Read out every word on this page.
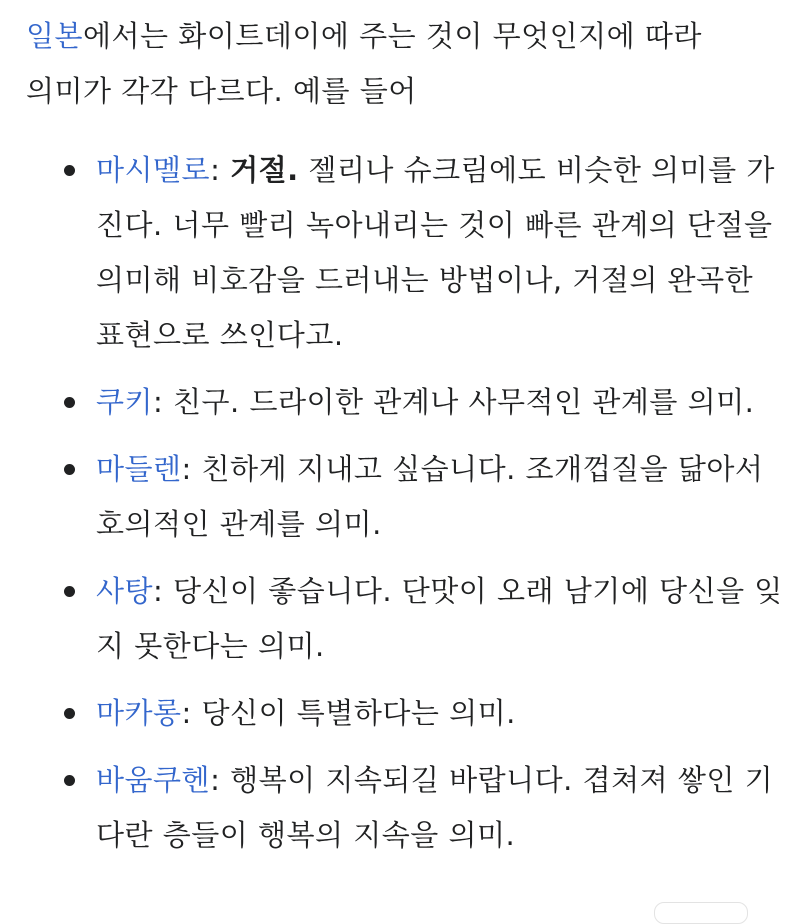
일본에서는 화이트데이에 주는 것이 무엇인지에 따라
의미가 각각 다르다. 예를 들어

마시멜로: 거절. 젤리나 슈크림에도 비슷한 의미를 가진다. 너무 빨리 녹아내리는 것이 빠른 관계의 단절을 의미해 비호감을 드러내는 방법이나, 거절의 완곡한 표현으로 쓰인다고.
쿠키: 친구. 드라이한 관계나 사무적인 관계를 의미.
마들렌: 친하게 지내고 싶습니다. 조개껍질을 닮아서 호의적인 관계를 의미.
사탕: 당신이 좋습니다. 단맛이 오래 남기에 당신을 잊지 못한다는 의미.
마카롱: 당신이 특별하다는 의미.
바움쿠헨: 행복이 지속되길 바랍니다. 겹쳐져 쌓인 기다란 층들이 행복의 지속을 의미.
